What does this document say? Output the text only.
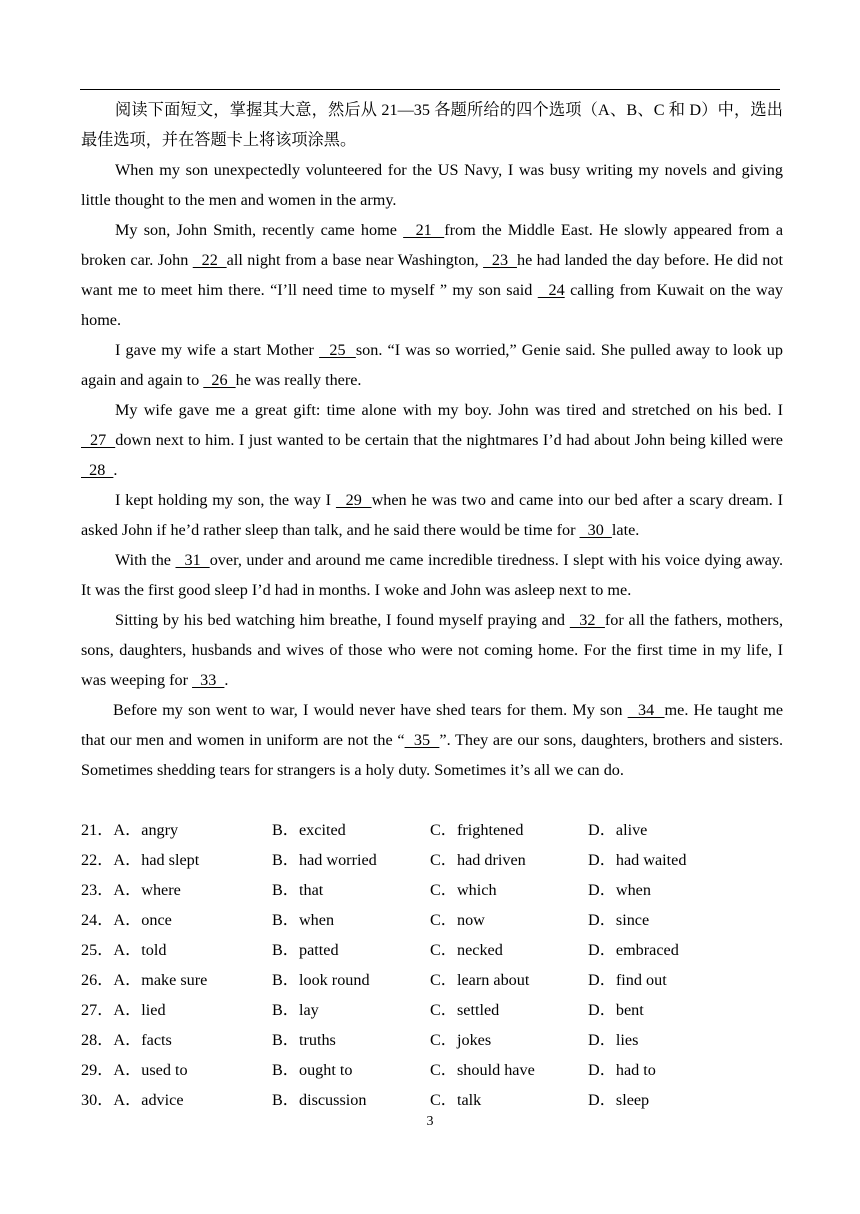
阅读下面短文，掌握其大意，然后从 21—35 各题所给的四个选项（A、B、C 和 D）中，选出最佳选项，并在答题卡上将该项涂黑。

When my son unexpectedly volunteered for the US Navy, I was busy writing my novels and giving little thought to the men and women in the army.

My son, John Smith, recently came home   21  from the Middle East. He slowly appeared from a broken car. John   22  all night from a base near Washington,   23  he had landed the day before. He did not want me to meet him there. “I’ll need time to myself ” my son said   24 calling from Kuwait on the way home.

I gave my wife a start Mother   25  son. “I was so worried,” Genie said. She pulled away to look up again and again to   26  he was really there.

My wife gave me a great gift: time alone with my boy. John was tired and stretched on his bed. I   27  down next to him. I just wanted to be certain that the nightmares I’d had about John being killed were   28  .

I kept holding my son, the way I   29  when he was two and came into our bed after a scary dream. I asked John if he’d rather sleep than talk, and he said there would be time for   30  late.

With the   31  over, under and around me came incredible tiredness. I slept with his voice dying away. It was the first good sleep I’d had in months. I woke and John was asleep next to me.

Sitting by his bed watching him breathe, I found myself praying and   32  for all the fathers, mothers, sons, daughters, husbands and wives of those who were not coming home. For the first time in my life, I was weeping for   33  .

Before my son went to war, I would never have shed tears for them. My son   34  me. He taught me that our men and women in uniform are not the “  35  ”. They are our sons, daughters, brothers and sisters. Sometimes shedding tears for strangers is a holy duty. Sometimes it’s all we can do.

21．A．angry	B．excited	C．frightened	D．alive
22．A．had slept	B．had worried	C．had driven	D．had waited
23．A．where	B．that	C．which	D．when
24．A．once	B．when	C．now	D．since
25．A．told	B．patted	C．necked	D．embraced
26．A．make sure	B．look round	C．learn about	D．find out
27．A．lied	B．lay	C．settled	D．bent
28．A．facts	B．truths	C．jokes	D．lies
29．A．used to	B．ought to	C．should have	D．had to
30．A．advice	B．discussion	C．talk	D．sleep
3
